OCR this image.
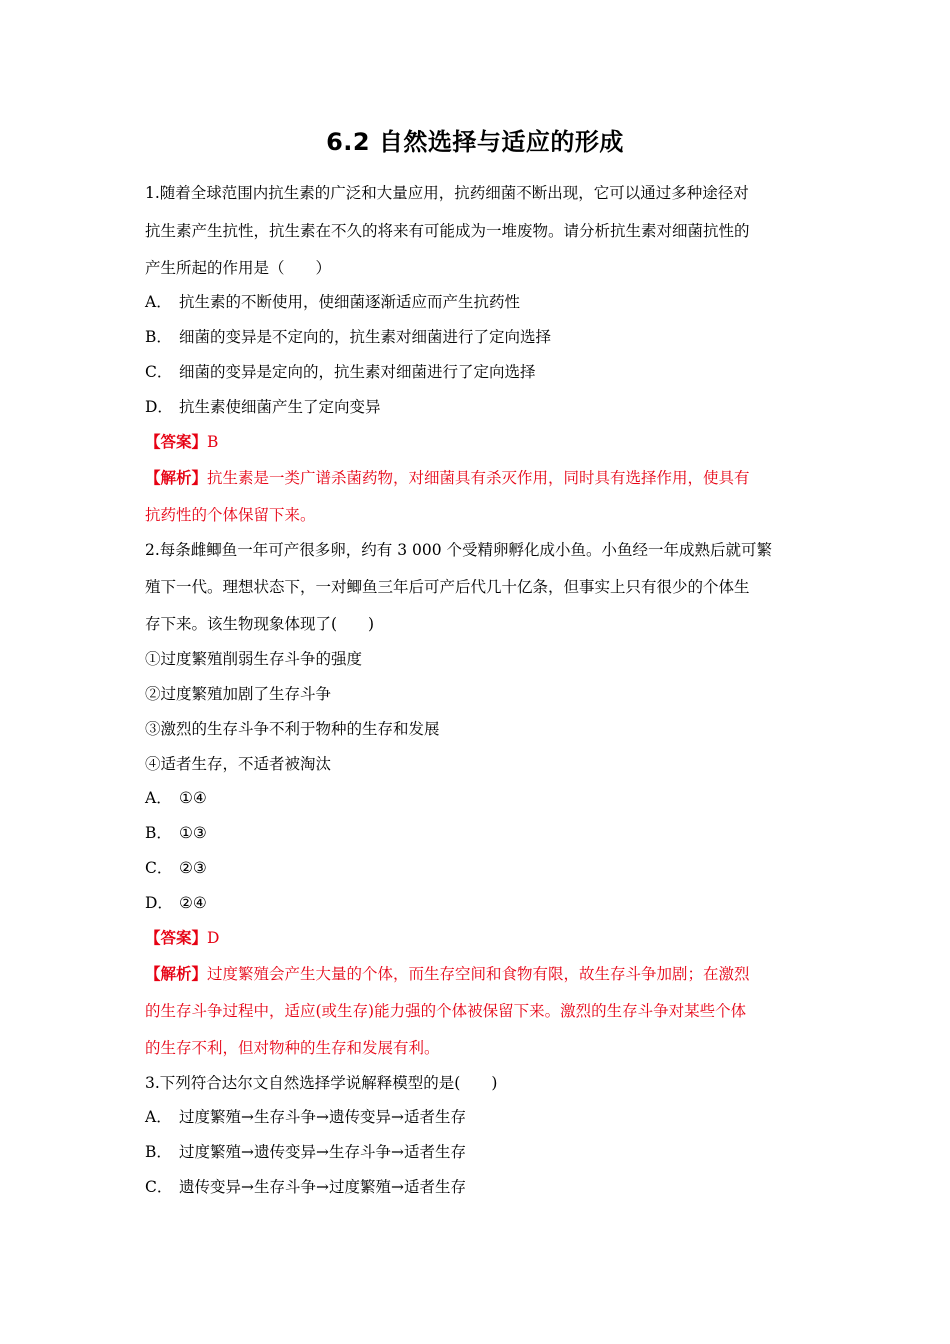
6.2 自然选择与适应的形成
1.随着全球范围内抗生素的广泛和大量应用，抗药细菌不断出现，它可以通过多种途径对
抗生素产生抗性，抗生素在不久的将来有可能成为一堆废物。请分析抗生素对细菌抗性的
产生所起的作用是（　　）
A． 抗生素的不断使用，使细菌逐渐适应而产生抗药性
B． 细菌的变异是不定向的，抗生素对细菌进行了定向选择
C． 细菌的变异是定向的，抗生素对细菌进行了定向选择
D． 抗生素使细菌产生了定向变异
【答案】B
【解析】抗生素是一类广谱杀菌药物，对细菌具有杀灭作用，同时具有选择作用，使具有
抗药性的个体保留下来。
2.每条雌鲫鱼一年可产很多卵，约有 3 000 个受精卵孵化成小鱼。小鱼经一年成熟后就可繁
殖下一代。理想状态下，一对鲫鱼三年后可产后代几十亿条，但事实上只有很少的个体生
存下来。该生物现象体现了(　　)
①过度繁殖削弱生存斗争的强度
②过度繁殖加剧了生存斗争
③激烈的生存斗争不利于物种的生存和发展
④适者生存，不适者被淘汰
A． ①④
B． ①③
C． ②③
D． ②④
【答案】D
【解析】过度繁殖会产生大量的个体，而生存空间和食物有限，故生存斗争加剧；在激烈
的生存斗争过程中，适应(或生存)能力强的个体被保留下来。激烈的生存斗争对某些个体
的生存不利，但对物种的生存和发展有利。
3.下列符合达尔文自然选择学说解释模型的是(　　)
A． 过度繁殖→生存斗争→遗传变异→适者生存
B． 过度繁殖→遗传变异→生存斗争→适者生存
C． 遗传变异→生存斗争→过度繁殖→适者生存
